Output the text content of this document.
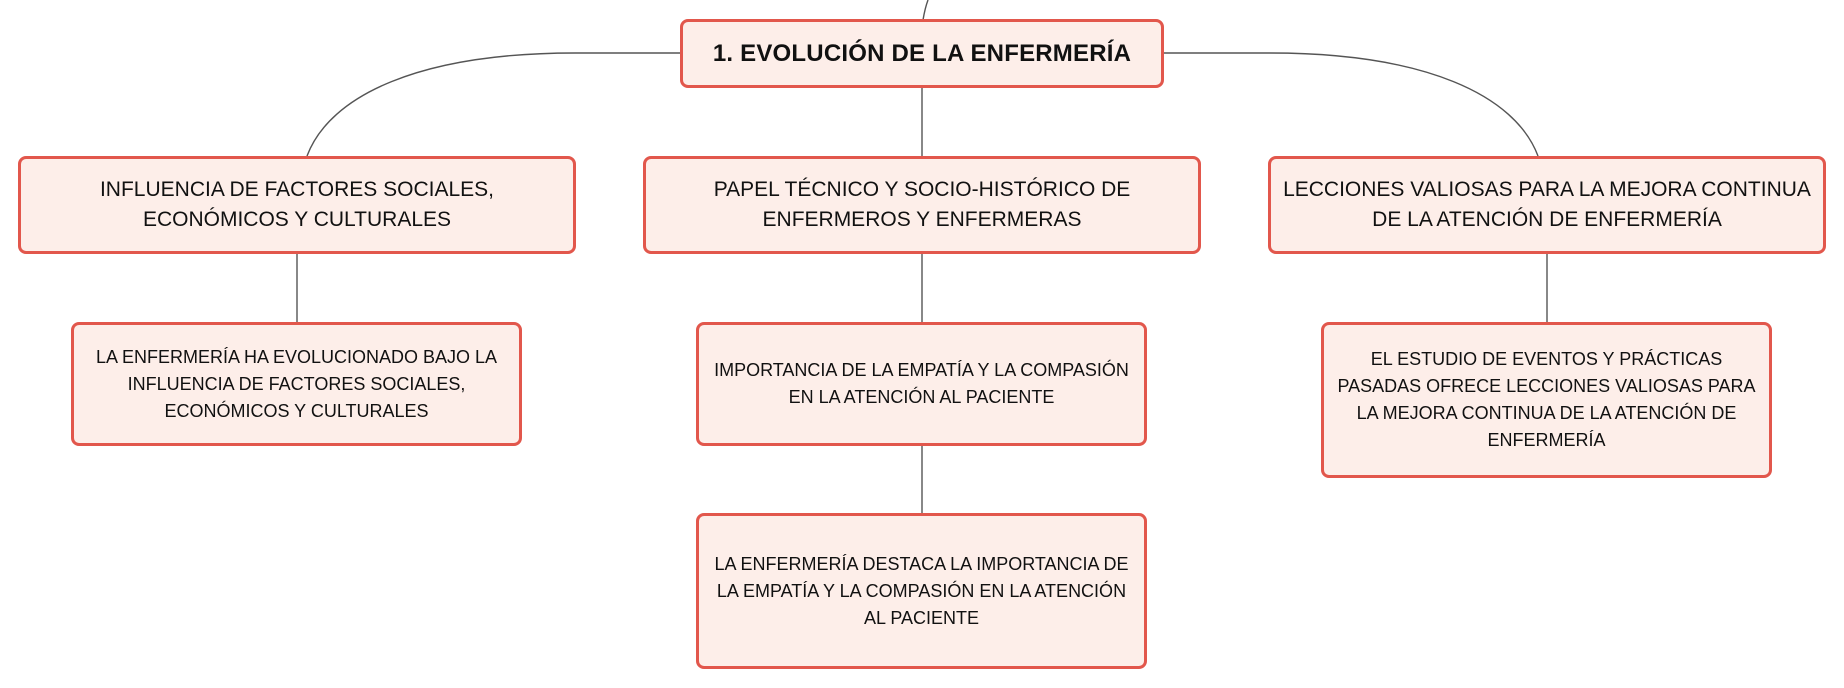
1. EVOLUCIÓN DE LA ENFERMERÍA
INFLUENCIA DE FACTORES SOCIALES, ECONÓMICOS Y CULTURALES
PAPEL TÉCNICO Y SOCIO-HISTÓRICO DE ENFERMEROS Y ENFERMERAS
LECCIONES VALIOSAS PARA LA MEJORA CONTINUA DE LA ATENCIÓN DE ENFERMERÍA
LA ENFERMERÍA HA EVOLUCIONADO BAJO LA INFLUENCIA DE FACTORES SOCIALES, ECONÓMICOS Y CULTURALES
IMPORTANCIA DE LA EMPATÍA Y LA COMPASIÓN EN LA ATENCIÓN AL PACIENTE
LA ENFERMERÍA DESTACA LA IMPORTANCIA DE LA EMPATÍA Y LA COMPASIÓN EN LA ATENCIÓN AL PACIENTE
EL ESTUDIO DE EVENTOS Y PRÁCTICAS PASADAS OFRECE LECCIONES VALIOSAS PARA LA MEJORA CONTINUA DE LA ATENCIÓN DE ENFERMERÍA
